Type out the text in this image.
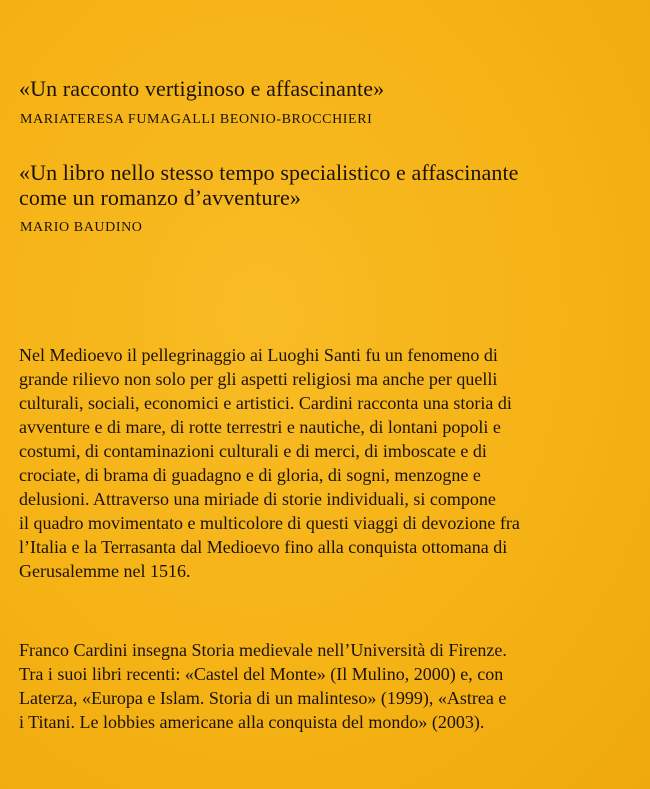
«Un racconto vertiginoso e affascinante»
MARIATERESA FUMAGALLI BEONIO-BROCCHIERI
«Un libro nello stesso tempo specialistico e affascinante
come un romanzo d’avventure»
MARIO BAUDINO
Nel Medioevo il pellegrinaggio ai Luoghi Santi fu un fenomeno di
grande rilievo non solo per gli aspetti religiosi ma anche per quelli
culturali, sociali, economici e artistici. Cardini racconta una storia di
avventure e di mare, di rotte terrestri e nautiche, di lontani popoli e
costumi, di contaminazioni culturali e di merci, di imboscate e di
crociate, di brama di guadagno e di gloria, di sogni, menzogne e
delusioni. Attraverso una miriade di storie individuali, si compone
il quadro movimentato e multicolore di questi viaggi di devozione fra
l’Italia e la Terrasanta dal Medioevo fino alla conquista ottomana di
Gerusalemme nel 1516.
Franco Cardini insegna Storia medievale nell’Università di Firenze.
Tra i suoi libri recenti: «Castel del Monte» (Il Mulino, 2000) e, con
Laterza, «Europa e Islam. Storia di un malinteso» (1999), «Astrea e
i Titani. Le lobbies americane alla conquista del mondo» (2003).
